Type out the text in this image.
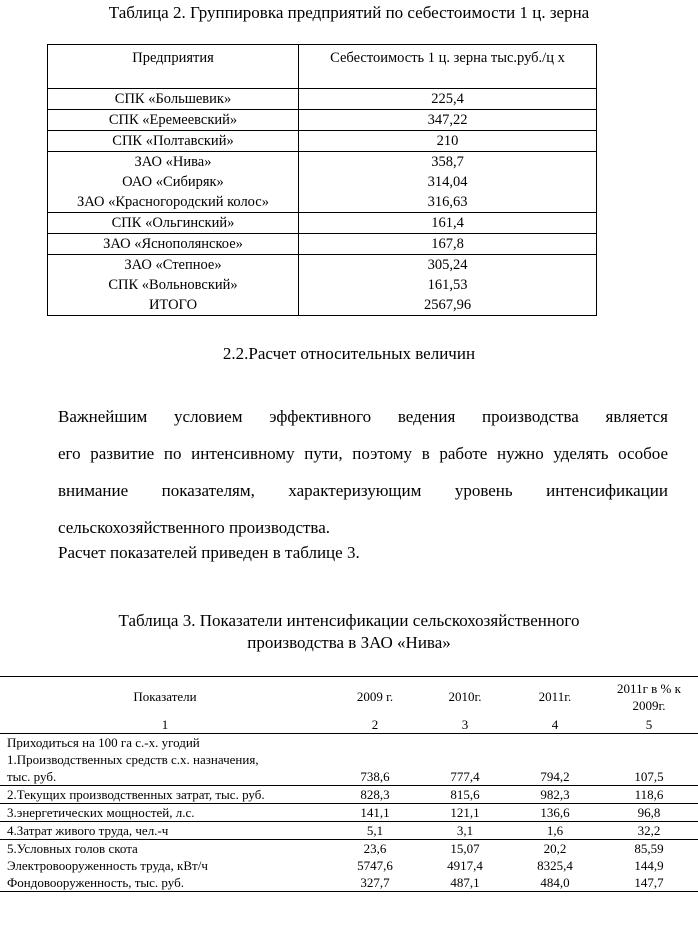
Таблица 2. Группировка предприятий по себестоимости 1 ц. зерна
Предприятия	Себестоимость 1 ц. зерна тыс.руб./ц х
СПК «Большевик»	225,4
СПК «Еремеевский»	347,22
СПК «Полтавский»	210
ЗАО «Нива»	358,7
ОАО «Сибиряк»	314,04
ЗАО «Красногородский колос»	316,63
СПК «Ольгинский»	161,4
ЗАО «Яснополянское»	167,8
ЗАО «Степное»	305,24
СПК «Вольновский»	161,53
ИТОГО	2567,96
2.2.Расчет относительных величин
Важнейшим условием эффективного ведения производства является
его развитие по интенсивному пути, поэтому в работе нужно уделять особое
внимание показателям, характеризующим уровень интенсификации
сельскохозяйственного производства.
Расчет показателей приведен в таблице 3.
Таблица 3. Показатели интенсификации сельскохозяйственного
производства в ЗАО «Нива»
Показатели	2009 г.	2010г.	2011г.	2011г в % к 2009г.
1	2	3	4	5
Приходиться на 100 га с.-х. угодий				
1.Производственных средств с.х. назначения,				
тыс. руб.	738,6	777,4	794,2	107,5
2.Текущих производственных затрат, тыс. руб.	828,3	815,6	982,3	118,6
3.энергетических мощностей, л.с.	141,1	121,1	136,6	96,8
4.Затрат живого труда, чел.-ч	5,1	3,1	1,6	32,2
5.Условных голов скота	23,6	15,07	20,2	85,59
Электровооруженность труда, кВт/ч	5747,6	4917,4	8325,4	144,9
Фондовооруженность, тыс. руб.	327,7	487,1	484,0	147,7
